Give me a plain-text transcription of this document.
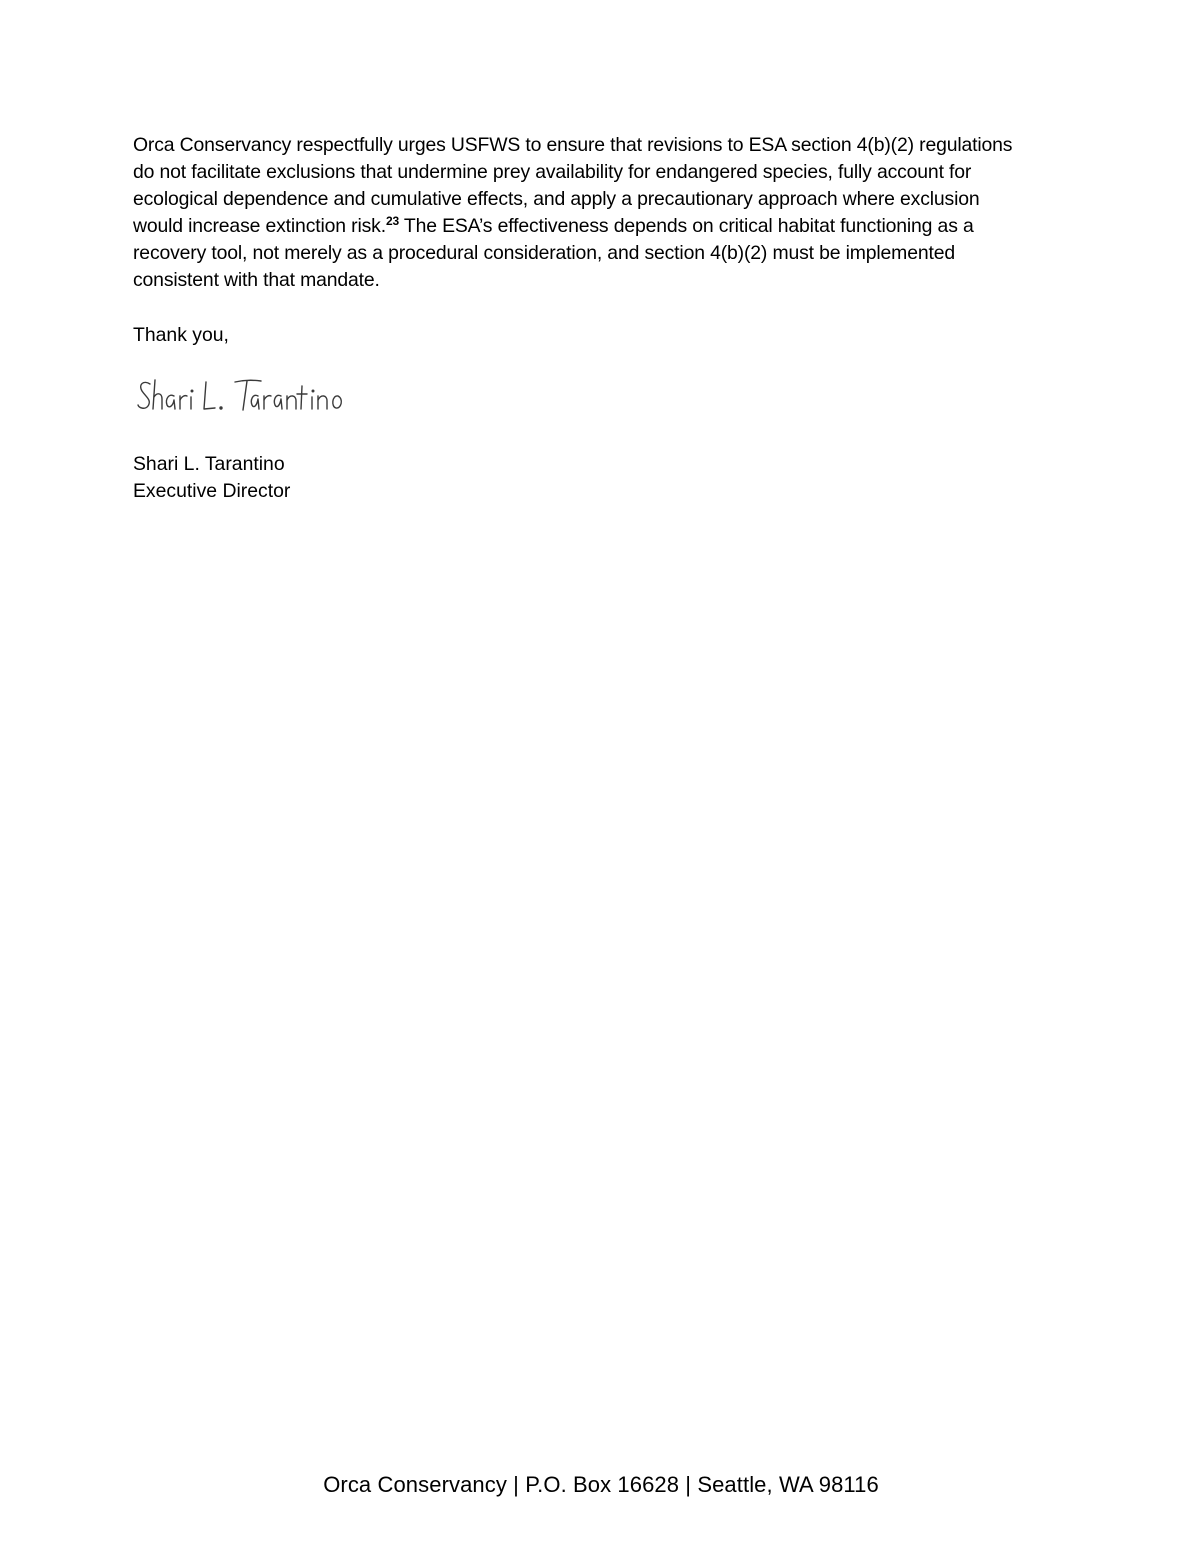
Orca Conservancy respectfully urges USFWS to ensure that revisions to ESA section 4(b)(2) regulations
do not facilitate exclusions that undermine prey availability for endangered species, fully account for
ecological dependence and cumulative effects, and apply a precautionary approach where exclusion
would increase extinction risk.$^{23}$ The ESA’s effectiveness depends on critical habitat functioning as a
recovery tool, not merely as a procedural consideration, and section 4(b)(2) must be implemented
consistent with that mandate.

Thank you,

Shari L. Tarantino
Executive Director
Orca Conservancy | P.O. Box 16628 | Seattle, WA 98116
